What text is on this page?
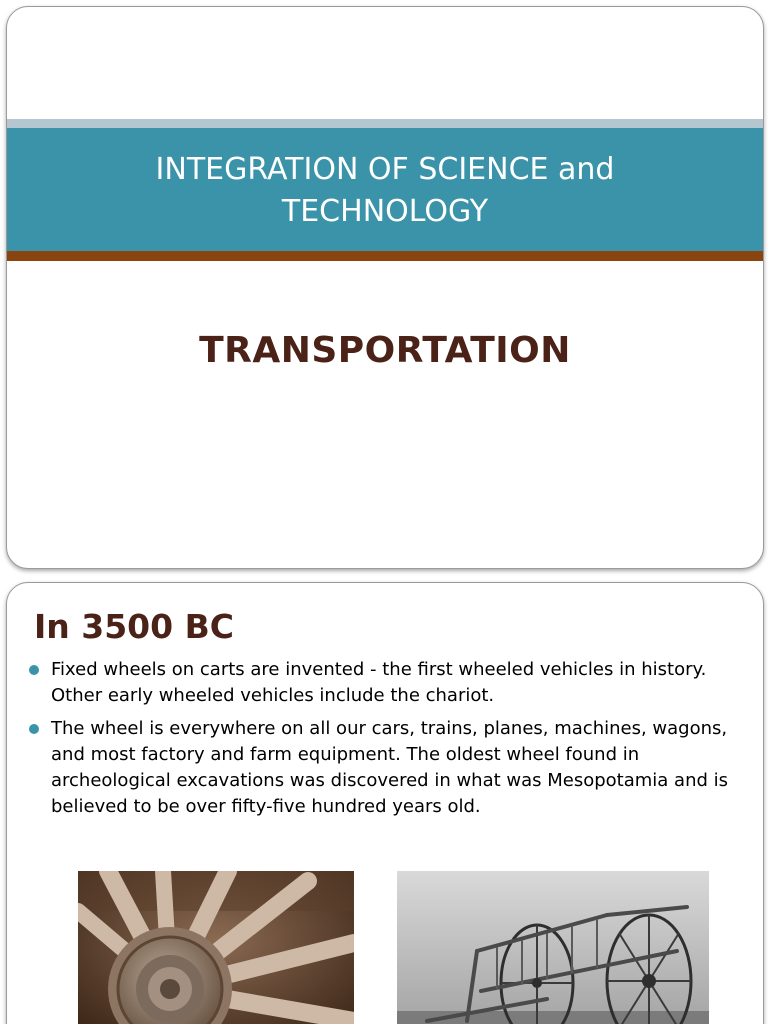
INTEGRATION OF SCIENCE and
TECHNOLOGY
TRANSPORTATION
In 3500 BC
Fixed wheels on carts are invented - the first wheeled vehicles in history. Other early wheeled vehicles include the chariot.
The wheel is everywhere on all our cars, trains, planes, machines, wagons, and most factory and farm equipment. The oldest wheel found in archeological excavations was discovered in what was Mesopotamia and is believed to be over fifty-five hundred years old.
